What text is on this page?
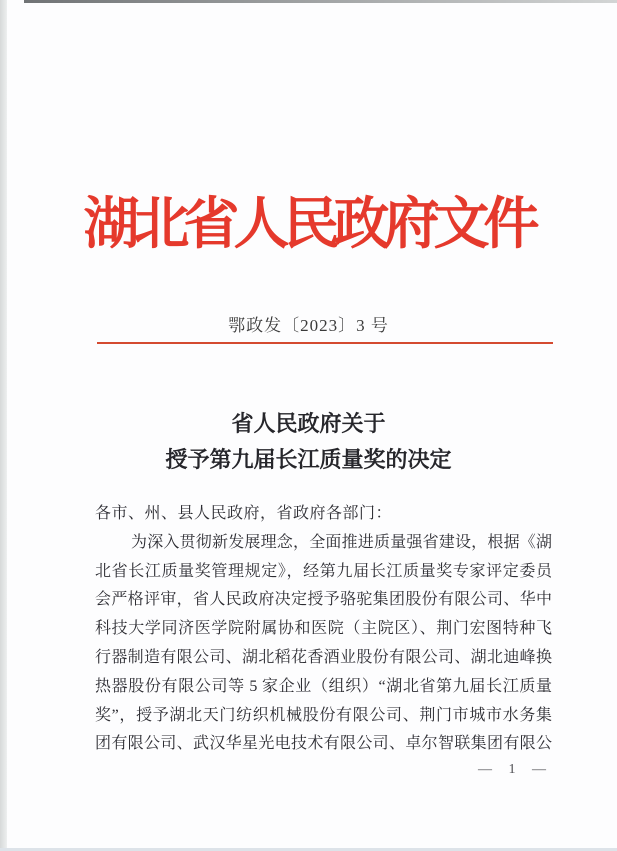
湖北省人民政府文件
鄂政发〔2023〕3 号
省人民政府关于
授予第九届长江质量奖的决定
各市、州、县人民政府，省政府各部门：
为深入贯彻新发展理念，全面推进质量强省建设，根据《湖
北省长江质量奖管理规定》，经第九届长江质量奖专家评定委员
会严格评审，省人民政府决定授予骆驼集团股份有限公司、华中
科技大学同济医学院附属协和医院（主院区）、荆门宏图特种飞
行器制造有限公司、湖北稻花香酒业股份有限公司、湖北迪峰换
热器股份有限公司等 5 家企业（组织）“湖北省第九届长江质量
奖”，授予湖北天门纺织机械股份有限公司、荆门市城市水务集
团有限公司、武汉华星光电技术有限公司、卓尔智联集团有限公
— 1 —
